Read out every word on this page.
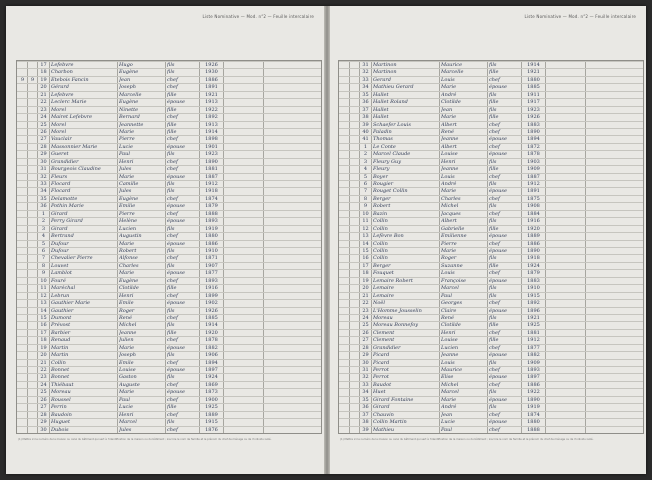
Liste Nominative — Mod. n°2 — Feuille intercalaire
17 Lefebvre	Hugo	fils	1926
18 Charbon	Eugène	fils	1930
9	9	19 Etebois Fancin	Jean	chef	1886
20 Gérard	Joseph	chef	1891
21 Lefebvre	Marcelle	fille	1921
22 Leclerc Marie	Eugène	épouse	1913
23 Morel	Ninette	fille	1922
24 Mairet Lefebvre	Bernard	chef	1892
25 Morel	Jeannette	fille	1913
26 Morel	Marie	fille	1914
27 Vauclair	Pierre	chef	1898
28 Massonnier Marie	Lucie	épouse	1901
29 Gueret	Paul	fils	1923
30 Grandidier	Henri	chef	1890
31 Bourgeois Claudine	Jules	chef	1881
32 Fleurs	Marie	épouse	1887
33 Flocard	Camille	fils	1912
34 Flocard	Jules	fils	1918
35 Delamotte	Eugène	chef	1874
36 Pothin Marie	Emilie	épouse	1879
1	Girard	Pierre	chef	1888
2	Perry Girard	Helène	épouse	1893
3	Girard	Lucien	fils	1919
4	Bertrand	Augustin	chef	1880
5	Dufour	Marie	épouse	1886
6	Dufour	Robert	fils	1910
7	Chevalier Pierre	Alfonse	chef	1871
8	Louvet	Charles	fils	1907
9	Lamblot	Marie	épouse	1877
10 Fouré	Eugène	chef	1893
11 Maréchal	Clotilde	fille	1916
12 Lebrun	Henri	chef	1899
13 Gauthier Marie	Emile	épouse	1902
14 Gauthier	Roger	fils	1926
15 Dumont	René	chef	1885
16 Prévost	Michel	fils	1914
17 Barbier	Jeanne	fille	1920
18 Renaud	Julien	chef	1878
19 Martin	Marie	épouse	1882
20 Martin	Joseph	fils	1906
21 Collin	Emile	chef	1894
22 Bonnet	Louise	épouse	1897
23 Bonnet	Gaston	fils	1924
24 Thiébaut	Auguste	chef	1869
25 Moreau	Marie	épouse	1873
26 Roussel	Paul	chef	1900
27 Perrin	Lucie	fille	1925
28 Baudoin	Henri	chef	1889
29 Huguet	Marcel	fils	1915
30 Dubois	Jules	chef	1876
(1) Mettre ici le numéro de la maison ou celui du bâtiment qui sert à l'identification de la maison ou du bâtiment ; inscrire le nom de famille et le prénom du chef de ménage ou de l'individu isolé.
Liste Nominative — Mod. n°2 — Feuille intercalaire
31 Martinon	Maurice	fils	1914
32 Martinon	Marcelle	fille	1921
33 Gerard	Louis	chef	1880
34 Mathieu Gerard	Marie	épouse	1885
35 Hallet	André	fils	1911
36 Hallet Roland	Clotilde	fille	1917
37 Hallet	Jean	fils	1923
38 Hallet	Marie	fille	1926
39 Schaefer Louis	Albert	chef	1883
40 Paladin	René	chef	1890
41 Thomas	Jeanne	épouse	1894
1	Le Conte	Albert	chef	1872
2	Marcel Claude	Louise	épouse	1878
3	Fleury Guy	Henri	fils	1903
4	Fleury	Jeanne	fille	1909
5	Boyer	Louis	chef	1887
6	Rougier	André	fils	1912
7	Rouget Collin	Marie	épouse	1891
8	Berger	Charles	chef	1875
9	Robert	Michel	fils	1908
10 Bazin	Jacques	chef	1884
11 Collin	Albert	fils	1916
12 Collin	Gabrielle	fille	1920
13 Lefèvre Bon	Emilienne	épouse	1889
14 Collin	Pierre	chef	1886
15 Collin	Marie	épouse	1890
16 Collin	Roger	fils	1918
17 Berger	Suzanne	fille	1924
18 Fouquet	Louis	chef	1879
19 Lemaire Robert	Françoise	épouse	1883
20 Lemaire	Marcel	fils	1910
21 Lemaire	Paul	fils	1915
22 Noël	Georges	chef	1892
23 L'Homme Jousselin	Claire	épouse	1896
24 Moreau	René	fils	1921
25 Moreau Bonnefoy	Clotilde	fille	1925
26 Clement	Henri	chef	1881
27 Clement	Louise	fille	1912
28 Grandidier	Lucien	chef	1877
29 Picard	Jeanne	épouse	1882
30 Picard	Louis	fils	1909
31 Perrot	Maurice	chef	1893
32 Perrot	Elise	épouse	1897
33 Baudot	Michel	chef	1886
34 Huet	Marcel	fils	1922
35 Girard Fontaine	Marie	épouse	1890
36 Girard	André	fils	1919
37 Chauvin	Jean	chef	1874
38 Collin Martin	Lucie	épouse	1880
39 Mathieu	Paul	chef	1888
(1) Mettre ici le numéro de la maison ou celui du bâtiment qui sert à l'identification de la maison ou du bâtiment ; inscrire le nom de famille et le prénom du chef de ménage ou de l'individu isolé.
